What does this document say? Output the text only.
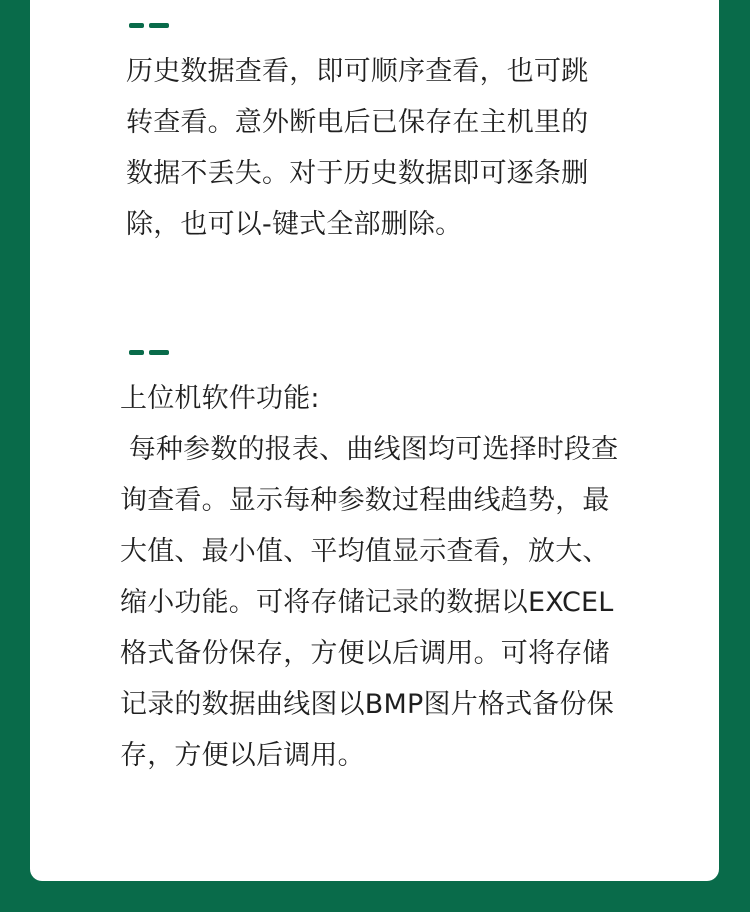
历史数据查看，即可顺序查看，也可跳
转查看。意外断电后已保存在主机里的
数据不丢失。对于历史数据即可逐条删
除，也可以-键式全部删除。
上位机软件功能:
每种参数的报表、曲线图均可选择时段查
询查看。显示每种参数过程曲线趋势，最
大值、最小值、平均值显示查看，放大、
缩小功能。可将存储记录的数据以EXCEL
格式备份保存，方便以后调用。可将存储
记录的数据曲线图以BMP图片格式备份保
存，方便以后调用。
